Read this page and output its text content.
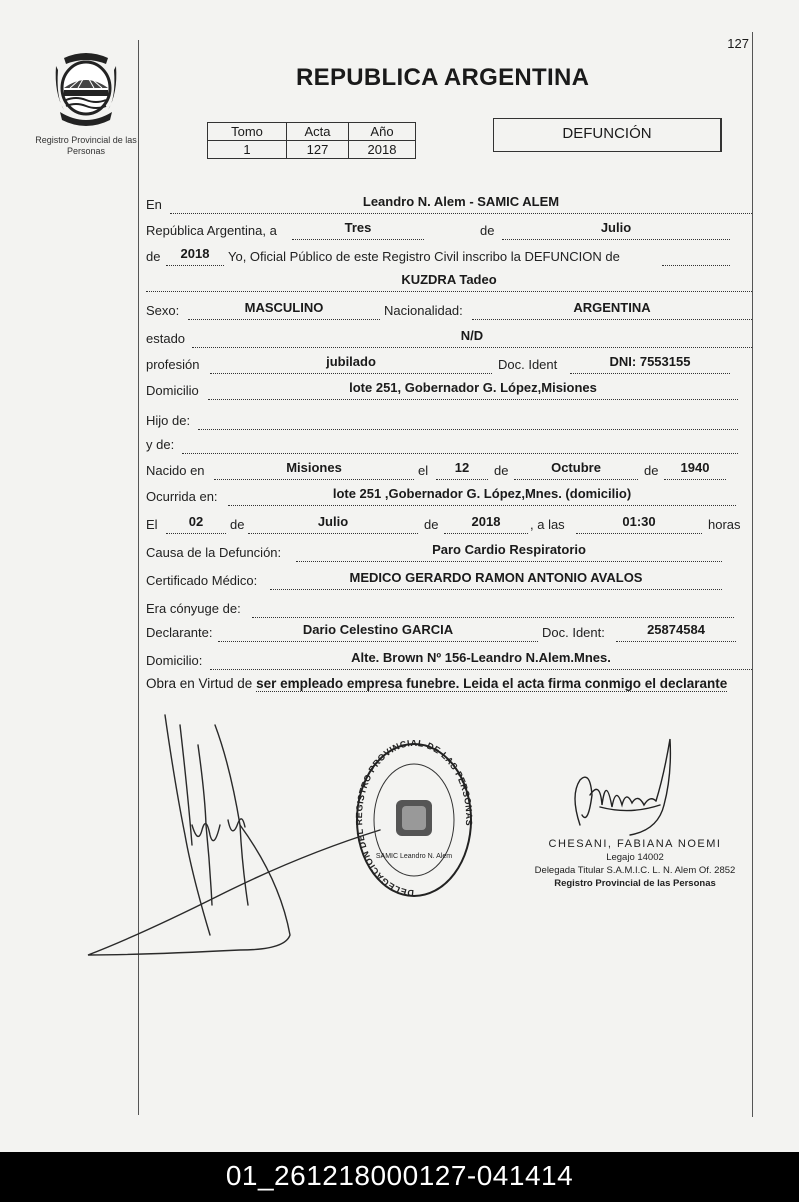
127
Registro Provincial de las Personas
REPUBLICA ARGENTINA
Tomo	Acta	Año
1	127	2018
DEFUNCIÓN
En	Leandro N. Alem - SAMIC ALEM
República Argentina, a	Tres	de	Julio
de	2018	Yo, Oficial Público de este Registro Civil inscribo la DEFUNCION de
KUZDRA Tadeo
Sexo:	MASCULINO	Nacionalidad:	ARGENTINA
estado	N/D
profesión	jubilado	Doc. Ident	DNI: 7553155
Domicilio	lote 251, Gobernador G. López,Misiones
Hijo de:
y de:
Nacido en	Misiones	el	12	de	Octubre	de	1940
Ocurrida en:	lote 251 ,Gobernador G. López,Mnes. (domicilio)
El	02	de	Julio	de	2018	, a las	01:30	horas
Causa de la Defunción:	Paro Cardio Respiratorio
Certificado Médico:	MEDICO GERARDO RAMON ANTONIO AVALOS
Era cónyuge de:
Declarante:	Dario Celestino GARCIA	Doc. Ident:	25874584
Domicilio:	Alte. Brown Nº 156-Leandro N.Alem.Mnes.
Obra en Virtud de ser empleado empresa funebre. Leida el acta firma conmigo el declarante
DELEGACION DEL REGISTRO PROVINCIAL DE LAS PERSONAS
SAMIC Leandro N. Alem
CHESANI, FABIANA NOEMI
Legajo 14002
Delegada Titular S.A.M.I.C. L. N. Alem Of. 2852
Registro Provincial de las Personas
01_261218000127-041414
